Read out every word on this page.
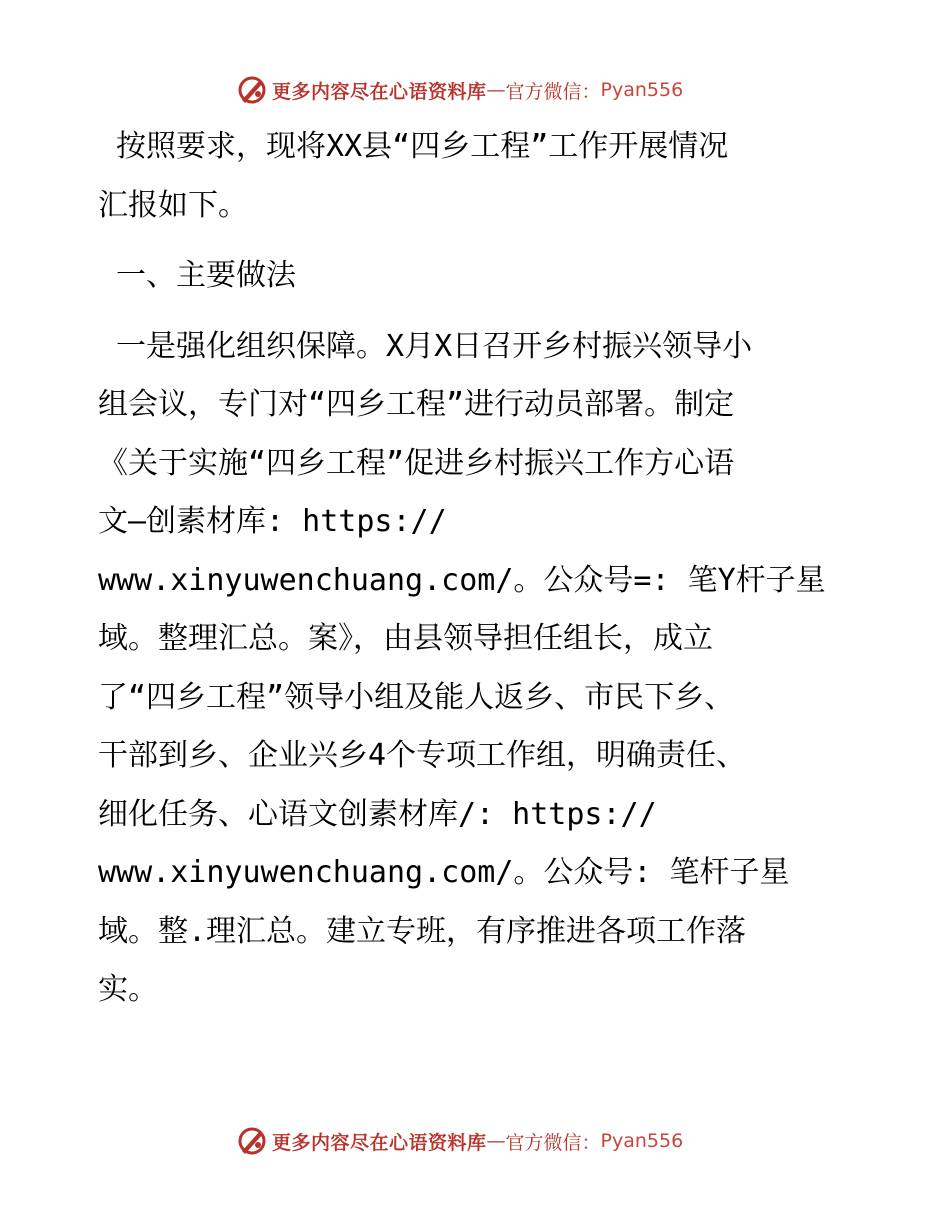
更多内容尽在心语资料库 — 官方微信： Pyan556
按照要求，现将XX县“四乡工程”工作开展情况
汇报如下。
一、主要做法
一是强化组织保障。X月X日召开乡村振兴领导小
组会议，专门对“四乡工程”进行动员部署。制定
《关于实施“四乡工程”促进乡村振兴工作方心语
文—创素材库: https://
www.xinyuwenchuang.com/。公众号=: 笔Y杆子星
域。整理汇总。案》，由县领导担任组长，成立
了“四乡工程”领导小组及能人返乡、市民下乡、
干部到乡、企业兴乡4个专项工作组，明确责任、
细化任务、心语文创素材库/: https://
www.xinyuwenchuang.com/。公众号: 笔杆子星
域。整.理汇总。建立专班，有序推进各项工作落
实。
更多内容尽在心语资料库 — 官方微信： Pyan556
